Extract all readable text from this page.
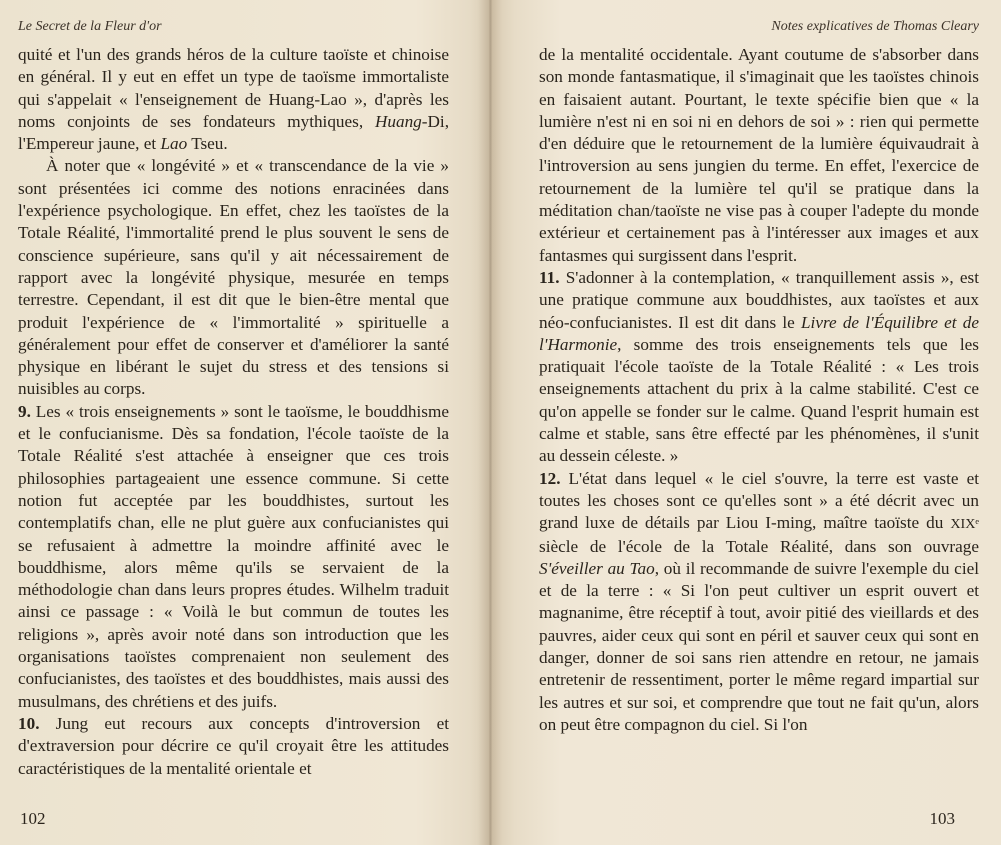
Le Secret de la Fleur d'or

quité et l'un des grands héros de la culture taoïste et chinoise en général. Il y eut en effet un type de taoïsme immortaliste qui s'appelait « l'enseignement de Huang-Lao », d'après les noms conjoints de ses fondateurs mythiques, Huang-Di, l'Empereur jaune, et Lao Tseu.

À noter que « longévité » et « transcendance de la vie » sont présentées ici comme des notions enracinées dans l'expérience psychologique. En effet, chez les taoïstes de la Totale Réalité, l'immortalité prend le plus souvent le sens de conscience supérieure, sans qu'il y ait nécessairement de rapport avec la longévité physique, mesurée en temps terrestre. Cependant, il est dit que le bien-être mental que produit l'expérience de « l'immortalité » spirituelle a généralement pour effet de conserver et d'améliorer la santé physique en libérant le sujet du stress et des tensions si nuisibles au corps.

9. Les « trois enseignements » sont le taoïsme, le bouddhisme et le confucianisme. Dès sa fondation, l'école taoïste de la Totale Réalité s'est attachée à enseigner que ces trois philosophies partageaient une essence commune. Si cette notion fut acceptée par les bouddhistes, surtout les contemplatifs chan, elle ne plut guère aux confucianistes qui se refusaient à admettre la moindre affinité avec le bouddhisme, alors même qu'ils se servaient de la méthodologie chan dans leurs propres études. Wilhelm traduit ainsi ce passage : « Voilà le but commun de toutes les religions », après avoir noté dans son introduction que les organisations taoïstes comprenaient non seulement des confucianistes, des taoïstes et des bouddhistes, mais aussi des musulmans, des chrétiens et des juifs.

10. Jung eut recours aux concepts d'introversion et d'extraversion pour décrire ce qu'il croyait être les attitudes caractéristiques de la mentalité orientale et

102
Notes explicatives de Thomas Cleary

de la mentalité occidentale. Ayant coutume de s'absorber dans son monde fantasmatique, il s'imaginait que les taoïstes chinois en faisaient autant. Pourtant, le texte spécifie bien que « la lumière n'est ni en soi ni en dehors de soi » : rien qui permette d'en déduire que le retournement de la lumière équivaudrait à l'introversion au sens jungien du terme. En effet, l'exercice de retournement de la lumière tel qu'il se pratique dans la méditation chan/taoïste ne vise pas à couper l'adepte du monde extérieur et certainement pas à l'intéresser aux images et aux fantasmes qui surgissent dans l'esprit.

11. S'adonner à la contemplation, « tranquillement assis », est une pratique commune aux bouddhistes, aux taoïstes et aux néo-confucianistes. Il est dit dans le Livre de l'Équilibre et de l'Harmonie, somme des trois enseignements tels que les pratiquait l'école taoïste de la Totale Réalité : « Les trois enseignements attachent du prix à la calme stabilité. C'est ce qu'on appelle se fonder sur le calme. Quand l'esprit humain est calme et stable, sans être effecté par les phénomènes, il s'unit au dessein céleste. »

12. L'état dans lequel « le ciel s'ouvre, la terre est vaste et toutes les choses sont ce qu'elles sont » a été décrit avec un grand luxe de détails par Liou I-ming, maître taoïste du XIXᵉ siècle de l'école de la Totale Réalité, dans son ouvrage S'éveiller au Tao, où il recommande de suivre l'exemple du ciel et de la terre : « Si l'on peut cultiver un esprit ouvert et magnanime, être réceptif à tout, avoir pitié des vieillards et des pauvres, aider ceux qui sont en péril et sauver ceux qui sont en danger, donner de soi sans rien attendre en retour, ne jamais entretenir de ressentiment, porter le même regard impartial sur les autres et sur soi, et comprendre que tout ne fait qu'un, alors on peut être compagnon du ciel. Si l'on

103
